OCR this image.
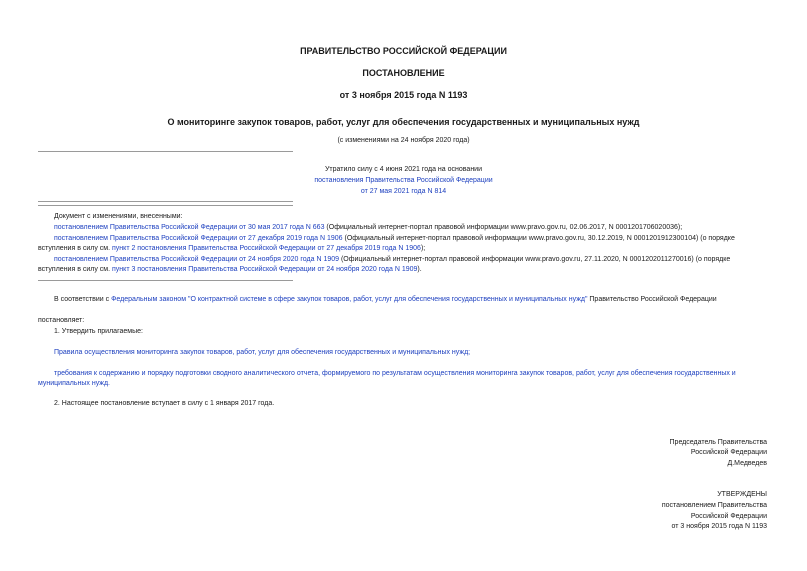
ПРАВИТЕЛЬСТВО РОССИЙСКОЙ ФЕДЕРАЦИИ
ПОСТАНОВЛЕНИЕ
от 3 ноября 2015 года N 1193
О мониторинге закупок товаров, работ, услуг для обеспечения государственных и муниципальных нужд
(с изменениями на 24 ноября 2020 года)
Утратило силу с 4 июня 2021 года на основании
постановления Правительства Российской Федерации
от 27 мая 2021 года N 814
Документ с изменениями, внесенными:
постановлением Правительства Российской Федерации от 30 мая 2017 года N 663 (Официальный интернет-портал правовой информации www.pravo.gov.ru, 02.06.2017, N 0001201706020036);
постановлением Правительства Российской Федерации от 27 декабря 2019 года N 1906 (Официальный интернет-портал правовой информации www.pravo.gov.ru, 30.12.2019, N 0001201912300104) (о порядке
вступления в силу см. пункт 2 постановления Правительства Российской Федерации от 27 декабря 2019 года N 1906);
постановлением Правительства Российской Федерации от 24 ноября 2020 года N 1909 (Официальный интернет-портал правовой информации www.pravo.gov.ru, 27.11.2020, N 0001202011270016) (о порядке
вступления в силу см. пункт 3 постановления Правительства Российской Федерации от 24 ноября 2020 года N 1909).
В соответствии с Федеральным законом "О контрактной системе в сфере закупок товаров, работ, услуг для обеспечения государственных и муниципальных нужд" Правительство Российской Федерации
постановляет:
1. Утвердить прилагаемые:
Правила осуществления мониторинга закупок товаров, работ, услуг для обеспечения государственных и муниципальных нужд;
требования к содержанию и порядку подготовки сводного аналитического отчета, формируемого по результатам осуществления мониторинга закупок товаров, работ, услуг для обеспечения государственных и
муниципальных нужд.
2. Настоящее постановление вступает в силу с 1 января 2017 года.
Председатель Правительства
Российской Федерации
Д.Медведев
УТВЕРЖДЕНЫ
постановлением Правительства
Российской Федерации
от 3 ноября 2015 года N 1193
